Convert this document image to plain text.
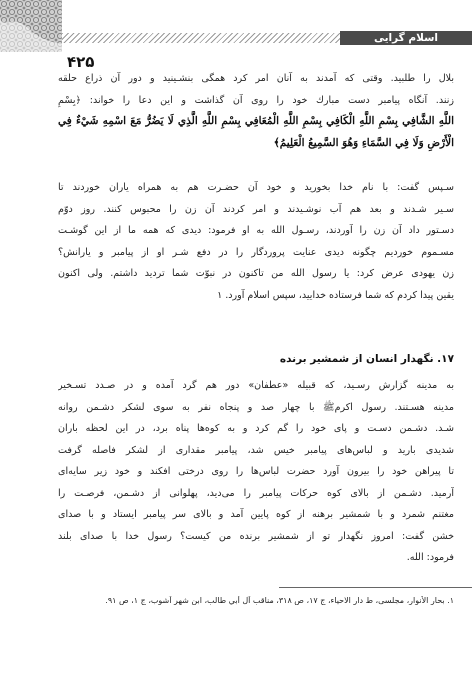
اسلام گرایی
۴۲۵
بلال را طلبید. وقتی که آمدند به آنان امر کرد همگی بنشـینید و دور آن ذراع حلقه
زنند. آنگاه پیامبر دست مبارك خود را روی آن گذاشت و این دعا را خواند: ﴿بِسْمِ
اللَّهِ الشَّافِي بِسْمِ اللَّهِ الْكَافِي بِسْمِ اللَّهِ الْمُعَافِي بِسْمِ اللَّهِ الَّذِي لَا يَضُرُّ مَعَ اسْمِهِ شَيْءٌ فِي
الْأَرْضِ وَلَا فِي السَّمَاءِ وَهُوَ السَّمِيعُ الْعَلِيمُ﴾
سـپس گفت: با نام خدا بخورید و خود آن حضـرت هم به همراه یاران خوردند تا
سـیر شـدند و بعد هم آب نوشـیدند و امر کردند آن زن را محبوس کنند. روز دوّم
دسـتور داد آن زن را آوردند، رسـول الله به او فرمود: دیدی که همه ما از این گوشـت
مسـموم خوردیم چگونه دیدی عنایت پروردگار را در دفع شـر او از پیامبر و یارانش؟
زن یهودی عرض کرد: یا رسول الله من تاکنون در نبوّت شما تردید داشتم. ولی اکنون
یقین پیدا کردم که شما فرستاده خدایید، سپس اسلام آورد. ۱
۱۷. نگهدار انسان از شمشیر برنده
به مدینه گزارش رسـید، که قبیله «عطفان» دور هم گرد آمده و در صـدد تسـخیر
مدینه هسـتند. رسول اکرمﷺ با چهار صد و پنجاه نفر به سوی لشکر دشـمن روانه
شـد. دشـمن دسـت و پای خود را گم کرد و به کوه‌ها پناه برد، در این لحظه باران
شدیدی بارید و لباس‌های پیامبر خیس شد، پیامبر مقداری از لشکر فاصله گرفت
تا پیراهن خود را بیرون آورد حضرت لباس‌ها را روی درختی افکند و خود زیر سایه‌ای
آرمید. دشـمن از بالای کوه حرکات پیامبر را می‌دید، پهلوانی از دشـمن، فرصـت را
مغتنم شمرد و با شمشیر برهنه از کوه پایین آمد و بالای سر پیامبر ایستاد و با صدای
خشن گفت: امروز نگهدار تو از شمشیر برنده من کیست؟ رسول خدا با صدای بلند
فرمود: الله.
۱. بحار الأنوار، مجلسی، ط دار الاحیاء، ج ۱۷، ص ۳۱۸، مناقب آل أبي طالب، ابن شهر آشوب، ج ۱، ص ۹۱.
